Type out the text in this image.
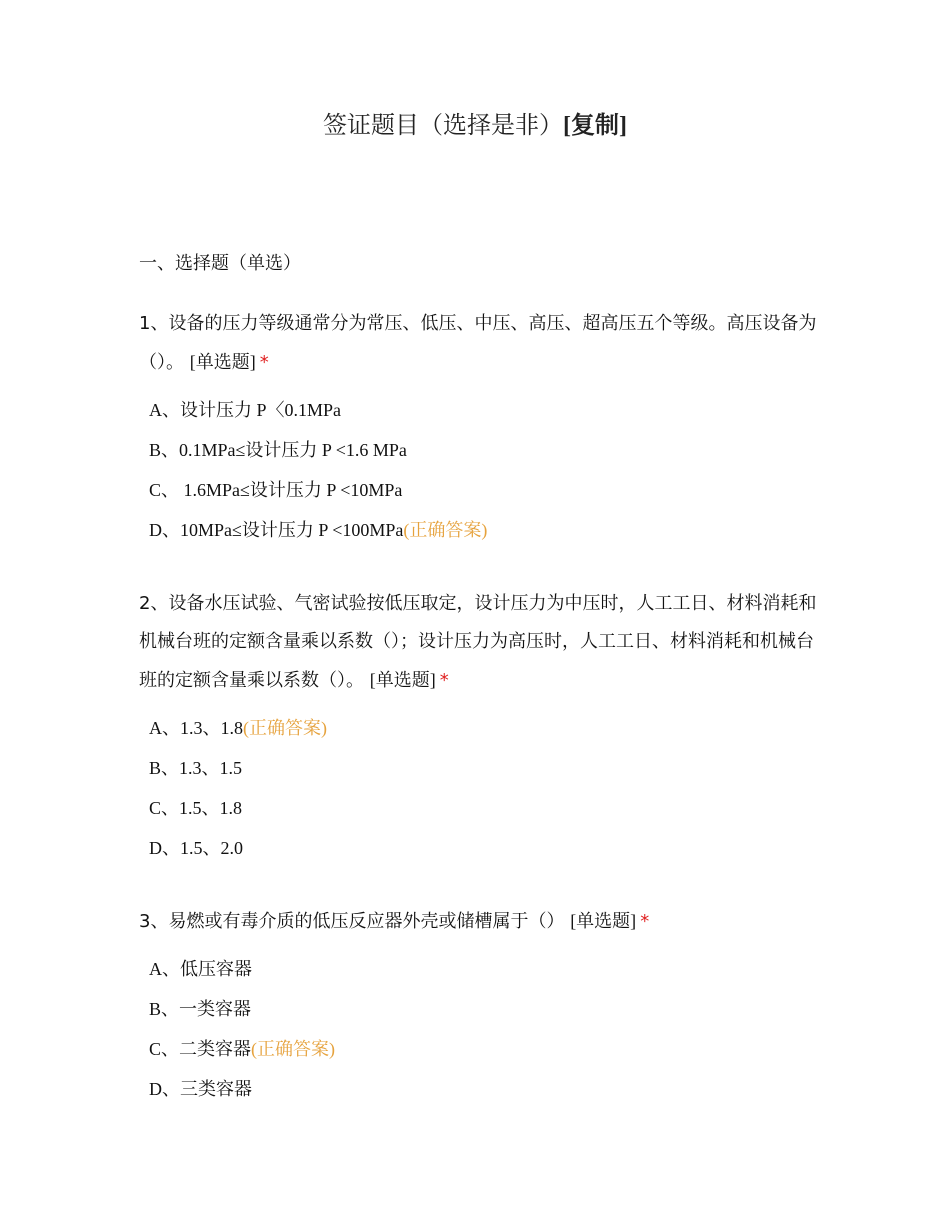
签证题目（选择是非）[复制]
一、选择题（单选）
1、设备的压力等级通常分为常压、低压、中压、高压、超高压五个等级。高压设备为（）。 [单选题] *
A、设计压力 P〈0.1MPa
B、0.1MPa≤设计压力 P <1.6 MPa
C、 1.6MPa≤设计压力 P <10MPa
D、10MPa≤设计压力 P <100MPa(正确答案)
2、设备水压试验、气密试验按低压取定，设计压力为中压时，人工工日、材料消耗和机械台班的定额含量乘以系数（）；设计压力为高压时，人工工日、材料消耗和机械台班的定额含量乘以系数（）。 [单选题] *
A、1.3、1.8(正确答案)
B、1.3、1.5
C、1.5、1.8
D、1.5、2.0
3、易燃或有毒介质的低压反应器外壳或储槽属于（） [单选题] *
A、低压容器
B、一类容器
C、二类容器(正确答案)
D、三类容器
